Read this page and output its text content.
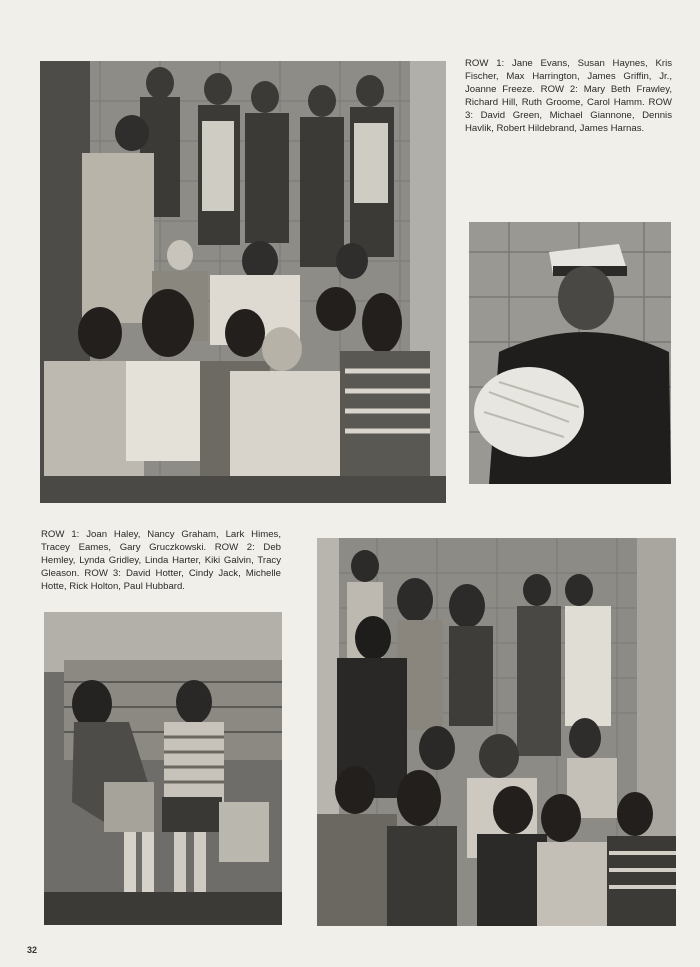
ROW 1: Jane Evans, Susan Haynes, Kris Fischer, Max Harrington, James Griffin, Jr., Joanne Freeze. ROW 2: Mary Beth Frawley, Richard Hill, Ruth Groome, Carol Hamm. ROW 3: David Green, Michael Giannone, Dennis Havlik, Robert Hildebrand, James Harnas.
ROW 1: Joan Haley, Nancy Graham, Lark Himes, Tracey Eames, Gary Gruczkowski. ROW 2: Deb Hemley, Lynda Gridley, Linda Harter, Kiki Galvin, Tracy Gleason. ROW 3: David Hotter, Cindy Jack, Michelle Hotte, Rick Holton, Paul Hubbard.
32
